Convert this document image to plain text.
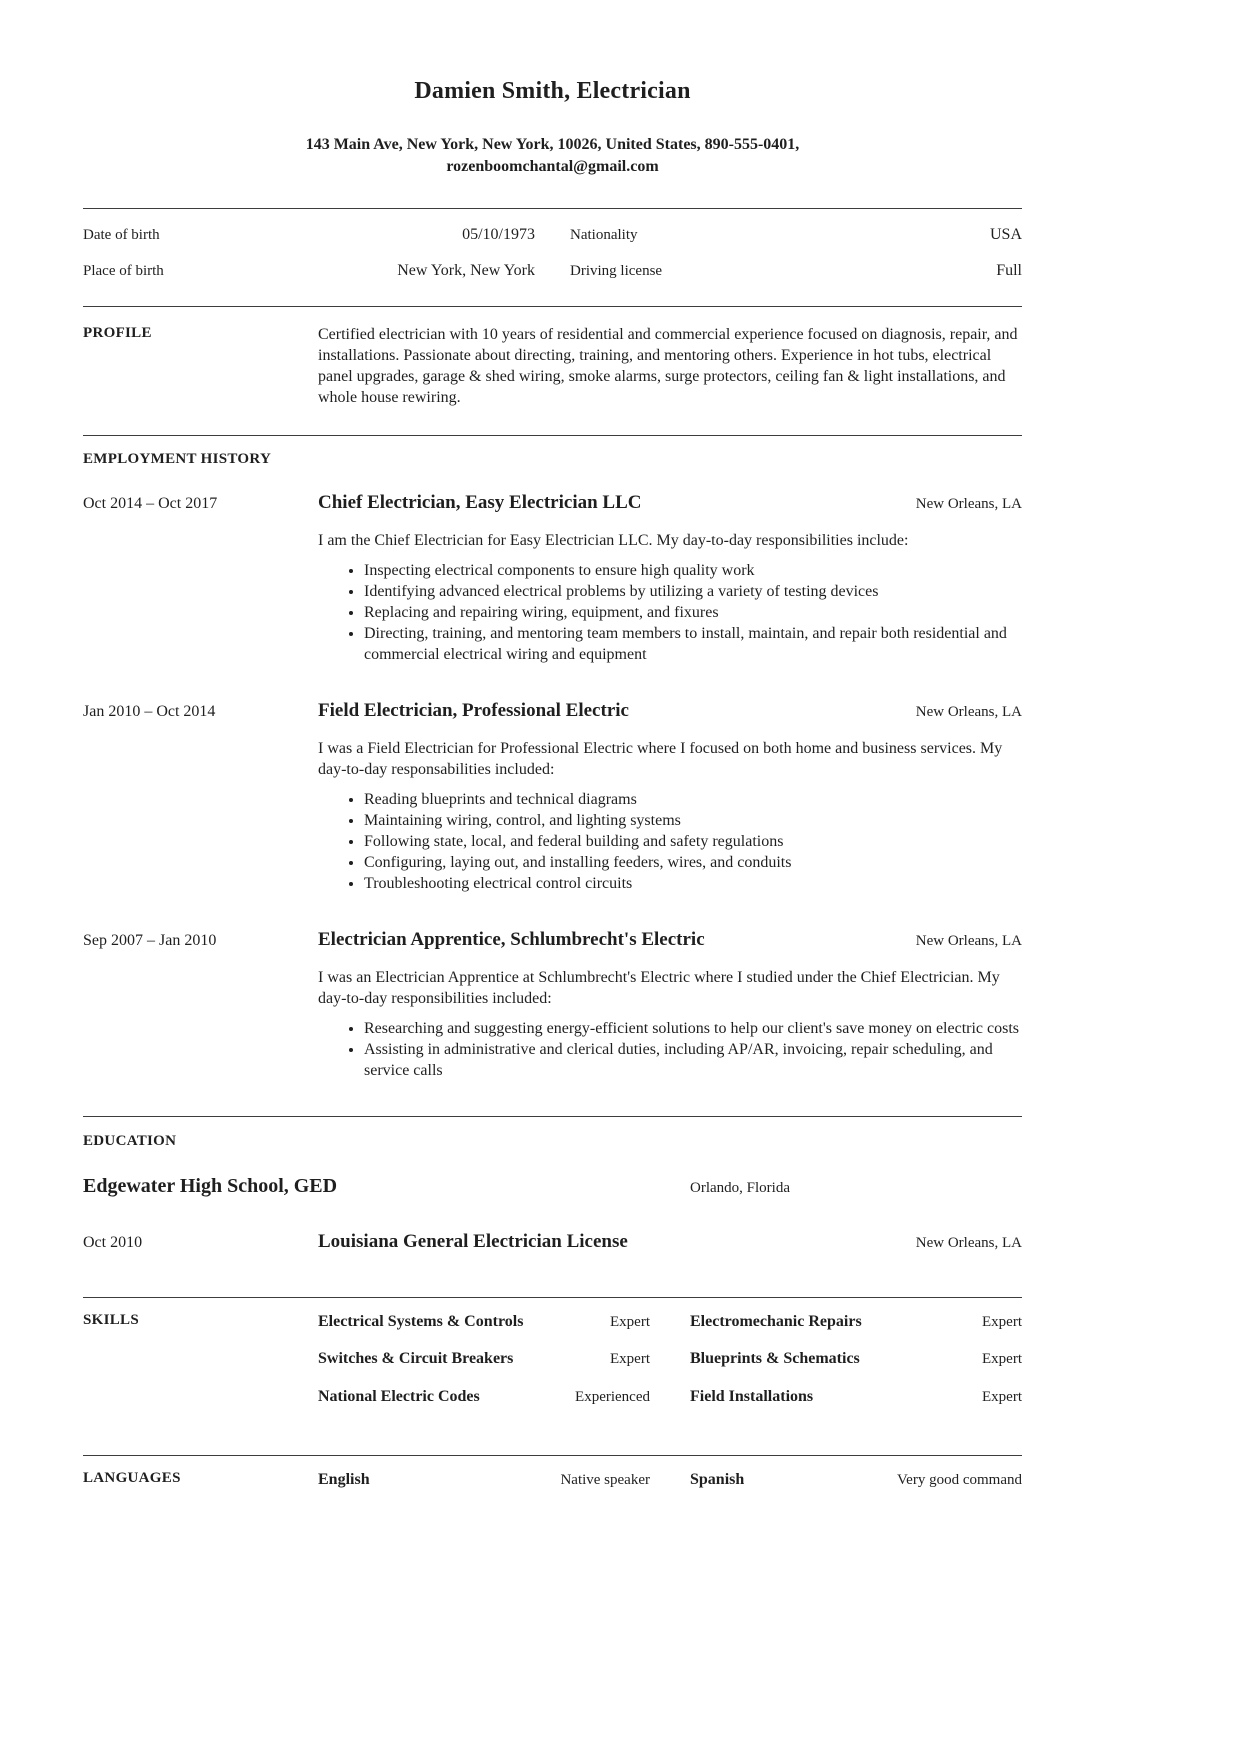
Damien Smith, Electrician

143 Main Ave, New York, New York, 10026, United States, 890-555-0401,

rozenboomchantal@gmail.com

Date of birth	05/10/1973 Nationality	USA
Place of birth	New York, New York Driving license	Full
PROFILE	Certified electrician with 10 years of residential and commercial experience focused on diagnosis, repair, and installations. Passionate about directing, training, and mentoring others. Experience in hot tubs, electrical panel upgrades, garage & shed wiring, smoke alarms, surge protectors, ceiling fan & light installations, and whole house rewiring.

EMPLOYMENT HISTORY
Oct 2014 – Oct 2017	Chief Electrician, Easy Electrician LLC	New Orleans, LA

I am the Chief Electrician for Easy Electrician LLC. My day-to-day responsibilities include:

• Inspecting electrical components to ensure high quality work
• Identifying advanced electrical problems by utilizing a variety of testing devices
• Replacing and repairing wiring, equipment, and fixures
• Directing, training, and mentoring team members to install, maintain, and repair both residential and commercial electrical wiring and equipment
Jan 2010 – Oct 2014	Field Electrician, Professional Electric	New Orleans, LA

I was a Field Electrician for Professional Electric where I focused on both home and business services. My day-to-day responsabilities included:

• Reading blueprints and technical diagrams
• Maintaining wiring, control, and lighting systems
• Following state, local, and federal building and safety regulations
• Configuring, laying out, and installing feeders, wires, and conduits
• Troubleshooting electrical control circuits
Sep 2007 – Jan 2010	Electrician Apprentice, Schlumbrecht's Electric	New Orleans, LA

I was an Electrician Apprentice at Schlumbrecht's Electric where I studied under the Chief Electrician. My day-to-day responsibilities included:

• Researching and suggesting energy-efficient solutions to help our client's save money on electric costs
• Assisting in administrative and clerical duties, including AP/AR, invoicing, repair scheduling, and service calls
EDUCATION
Edgewater High School, GED	Orlando, Florida
Oct 2010	Louisiana General Electrician License	New Orleans, LA
SKILLS	Electrical Systems & Controls	Expert	Electromechanic Repairs	Expert
Switches & Circuit Breakers	Expert	Blueprints & Schematics	Expert
National Electric Codes	Experienced	Field Installations	Expert
LANGUAGES	English	Native speaker	Spanish	Very good command
